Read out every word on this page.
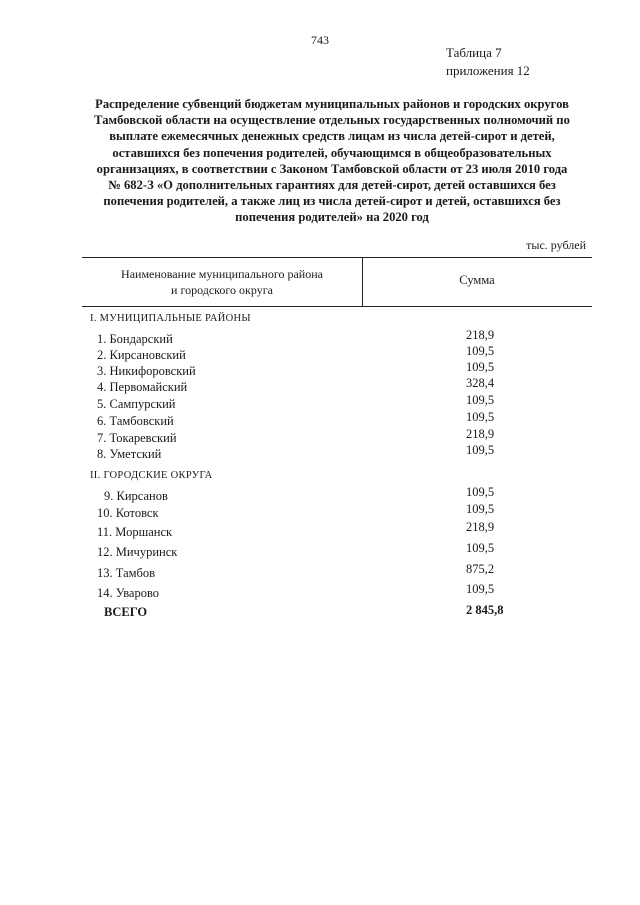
743
Таблица 7
приложения 12
Распределение субвенций бюджетам муниципальных районов и городских округов
Тамбовской области на осуществление отдельных государственных полномочий по
выплате ежемесячных денежных средств лицам из числа детей-сирот и детей,
оставшихся без попечения родителей, обучающимся в общеобразовательных
организациях, в соответствии с Законом Тамбовской области от 23 июля 2010 года
№ 682-З «О дополнительных гарантиях для детей-сирот, детей оставшихся без
попечения родителей, а также лиц из числа детей-сирот и детей, оставшихся без
попечения родителей» на 2020 год
тыс. рублей
Наименование муниципального района
и городского округа
Сумма
I. МУНИЦИПАЛЬНЫЕ РАЙОНЫ
1. Бондарский	218,9
2. Кирсановский	109,5
3. Никифоровский	109,5
4. Первомайский	328,4
5. Сампурский	109,5
6. Тамбовский	109,5
7. Токаревский	218,9
8. Уметский	109,5
II. ГОРОДСКИЕ ОКРУГА
9. Кирсанов	109,5
10. Котовск	109,5
11. Моршанск	218,9
12. Мичуринск	109,5
13. Тамбов	875,2
14. Уварово	109,5
ВСЕГО	2 845,8
